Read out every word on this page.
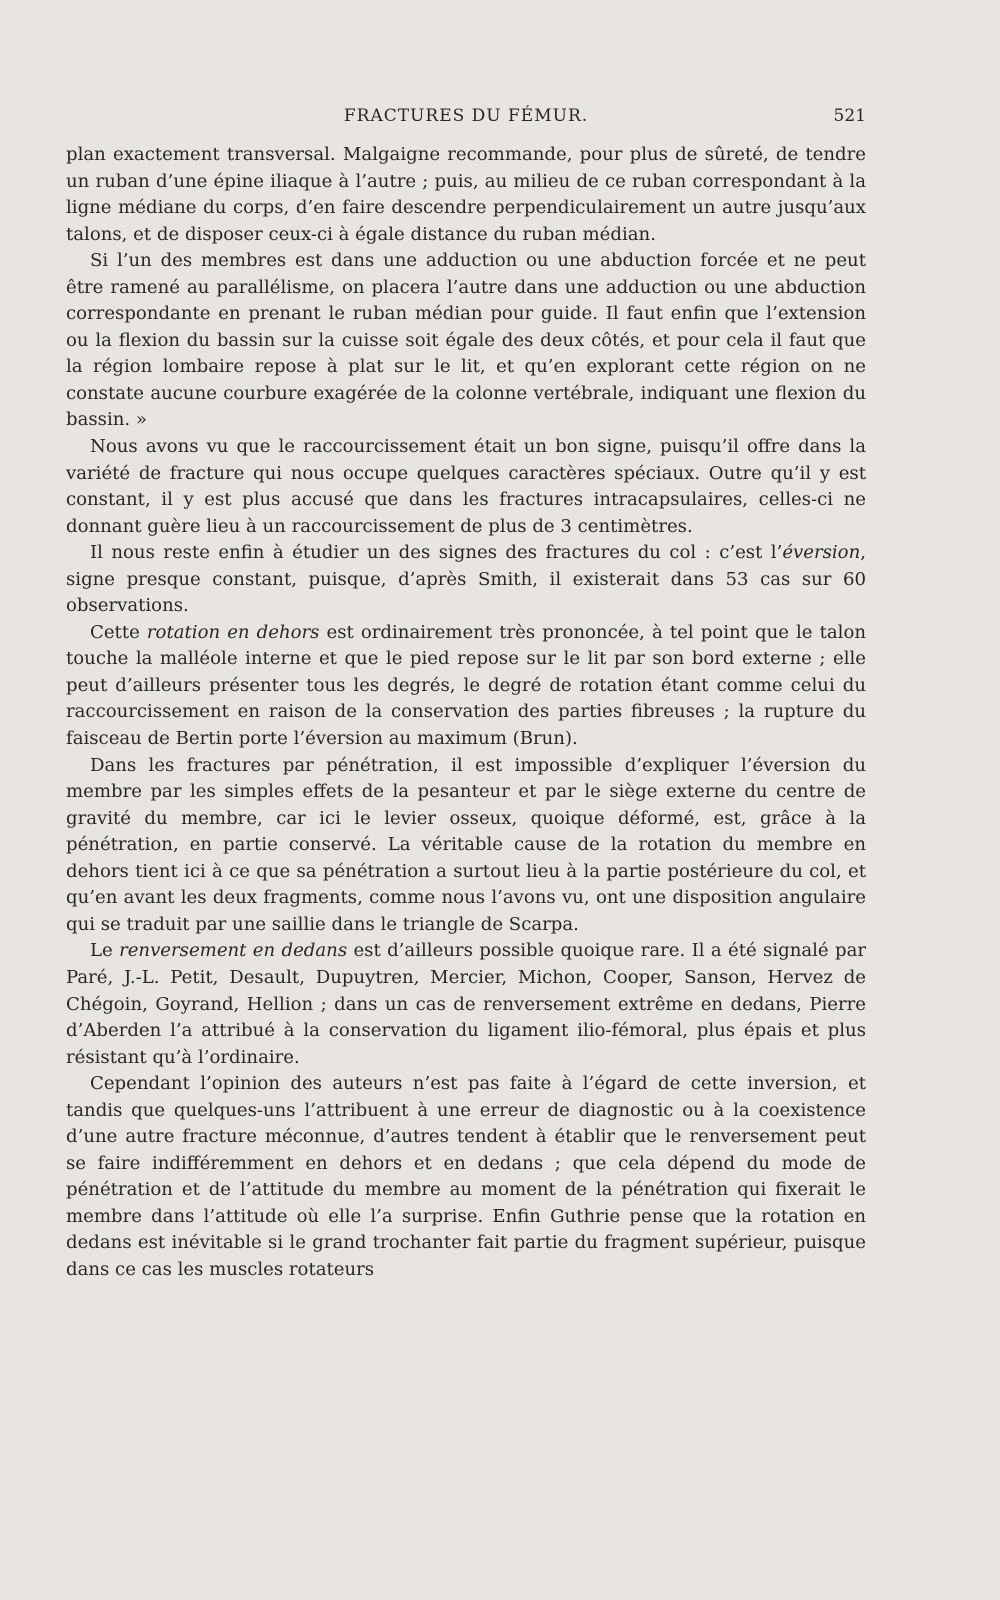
FRACTURES DU FÉMUR.	521

plan exactement transversal. Malgaigne recommande, pour plus de sûreté, de tendre un ruban d’une épine iliaque à l’autre ; puis, au milieu de ce ruban correspondant à la ligne médiane du corps, d’en faire descendre perpendiculairement un autre jusqu’aux talons, et de disposer ceux-ci à égale distance du ruban médian.

Si l’un des membres est dans une adduction ou une abduction forcée et ne peut être ramené au parallélisme, on placera l’autre dans une adduction ou une abduction correspondante en prenant le ruban médian pour guide. Il faut enfin que l’extension ou la flexion du bassin sur la cuisse soit égale des deux côtés, et pour cela il faut que la région lombaire repose à plat sur le lit, et qu’en explorant cette région on ne constate aucune courbure exagérée de la colonne vertébrale, indiquant une flexion du bassin. »

Nous avons vu que le raccourcissement était un bon signe, puisqu’il offre dans la variété de fracture qui nous occupe quelques caractères spéciaux. Outre qu’il y est constant, il y est plus accusé que dans les fractures intracapsulaires, celles-ci ne donnant guère lieu à un raccourcissement de plus de 3 centimètres.

Il nous reste enfin à étudier un des signes des fractures du col : c’est l’éversion, signe presque constant, puisque, d’après Smith, il existerait dans 53 cas sur 60 observations.

Cette rotation en dehors est ordinairement très prononcée, à tel point que le talon touche la malléole interne et que le pied repose sur le lit par son bord externe ; elle peut d’ailleurs présenter tous les degrés, le degré de rotation étant comme celui du raccourcissement en raison de la conservation des parties fibreuses ; la rupture du faisceau de Bertin porte l’éversion au maximum (Brun).

Dans les fractures par pénétration, il est impossible d’expliquer l’éversion du membre par les simples effets de la pesanteur et par le siège externe du centre de gravité du membre, car ici le levier osseux, quoique déformé, est, grâce à la pénétration, en partie conservé. La véritable cause de la rotation du membre en dehors tient ici à ce que sa pénétration a surtout lieu à la partie postérieure du col, et qu’en avant les deux fragments, comme nous l’avons vu, ont une disposition angulaire qui se traduit par une saillie dans le triangle de Scarpa.

Le renversement en dedans est d’ailleurs possible quoique rare. Il a été signalé par Paré, J.-L. Petit, Desault, Dupuytren, Mercier, Michon, Cooper, Sanson, Hervez de Chégoin, Goyrand, Hellion ; dans un cas de renversement extrême en dedans, Pierre d’Aberden l’a attribué à la conservation du ligament ilio-fémoral, plus épais et plus résistant qu’à l’ordinaire.

Cependant l’opinion des auteurs n’est pas faite à l’égard de cette inversion, et tandis que quelques-uns l’attribuent à une erreur de diagnostic ou à la coexistence d’une autre fracture méconnue, d’autres tendent à établir que le renversement peut se faire indifféremment en dehors et en dedans ; que cela dépend du mode de pénétration et de l’attitude du membre au moment de la pénétration qui fixerait le membre dans l’attitude où elle l’a surprise. Enfin Guthrie pense que la rotation en dedans est inévitable si le grand trochanter fait partie du fragment supérieur, puisque dans ce cas les muscles rotateurs
